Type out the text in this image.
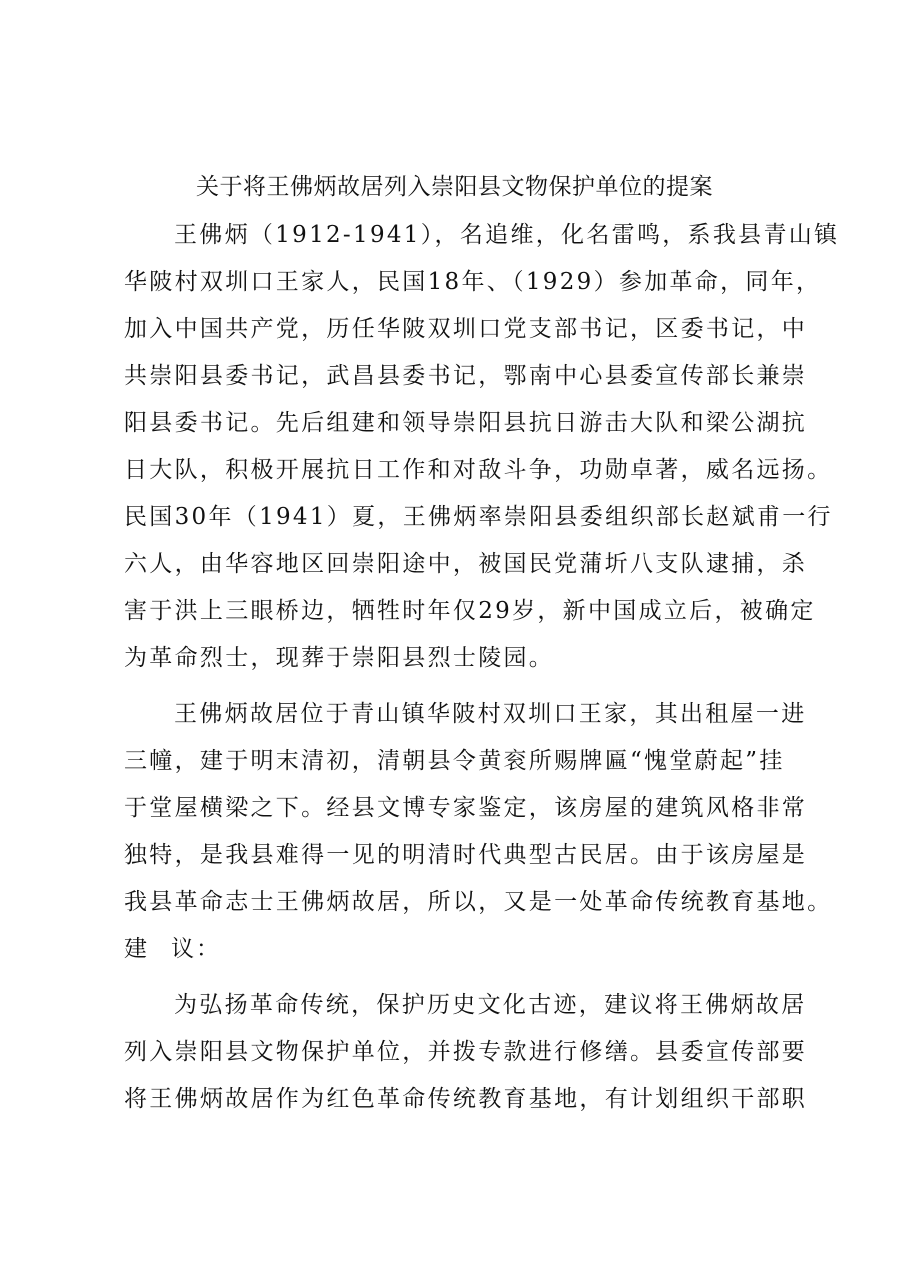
关于将王佛炳故居列入崇阳县文物保护单位的提案
王佛炳（1912-1941），名追维，化名雷鸣，系我县青山镇
华陂村双圳口王家人，民国18年、（1929）参加革命，同年，
加入中国共产党，历任华陂双圳口党支部书记，区委书记，中
共崇阳县委书记，武昌县委书记，鄂南中心县委宣传部长兼崇
阳县委书记。先后组建和领导崇阳县抗日游击大队和梁公湖抗
日大队，积极开展抗日工作和对敌斗争，功勋卓著，威名远扬。
民国30年（1941）夏，王佛炳率崇阳县委组织部长赵斌甫一行
六人，由华容地区回崇阳途中，被国民党蒲圻八支队逮捕，杀
害于洪上三眼桥边，牺牲时年仅29岁，新中国成立后，被确定
为革命烈士，现葬于崇阳县烈士陵园。
王佛炳故居位于青山镇华陂村双圳口王家，其出租屋一进
三幢，建于明末清初，清朝县令黄衮所赐牌匾“愧堂蔚起”挂
于堂屋横梁之下。经县文博专家鉴定，该房屋的建筑风格非常
独特，是我县难得一见的明清时代典型古民居。由于该房屋是
我县革命志士王佛炳故居，所以，又是一处革命传统教育基地。
建 议：
为弘扬革命传统，保护历史文化古迹，建议将王佛炳故居
列入崇阳县文物保护单位，并拨专款进行修缮。县委宣传部要
将王佛炳故居作为红色革命传统教育基地，有计划组织干部职
